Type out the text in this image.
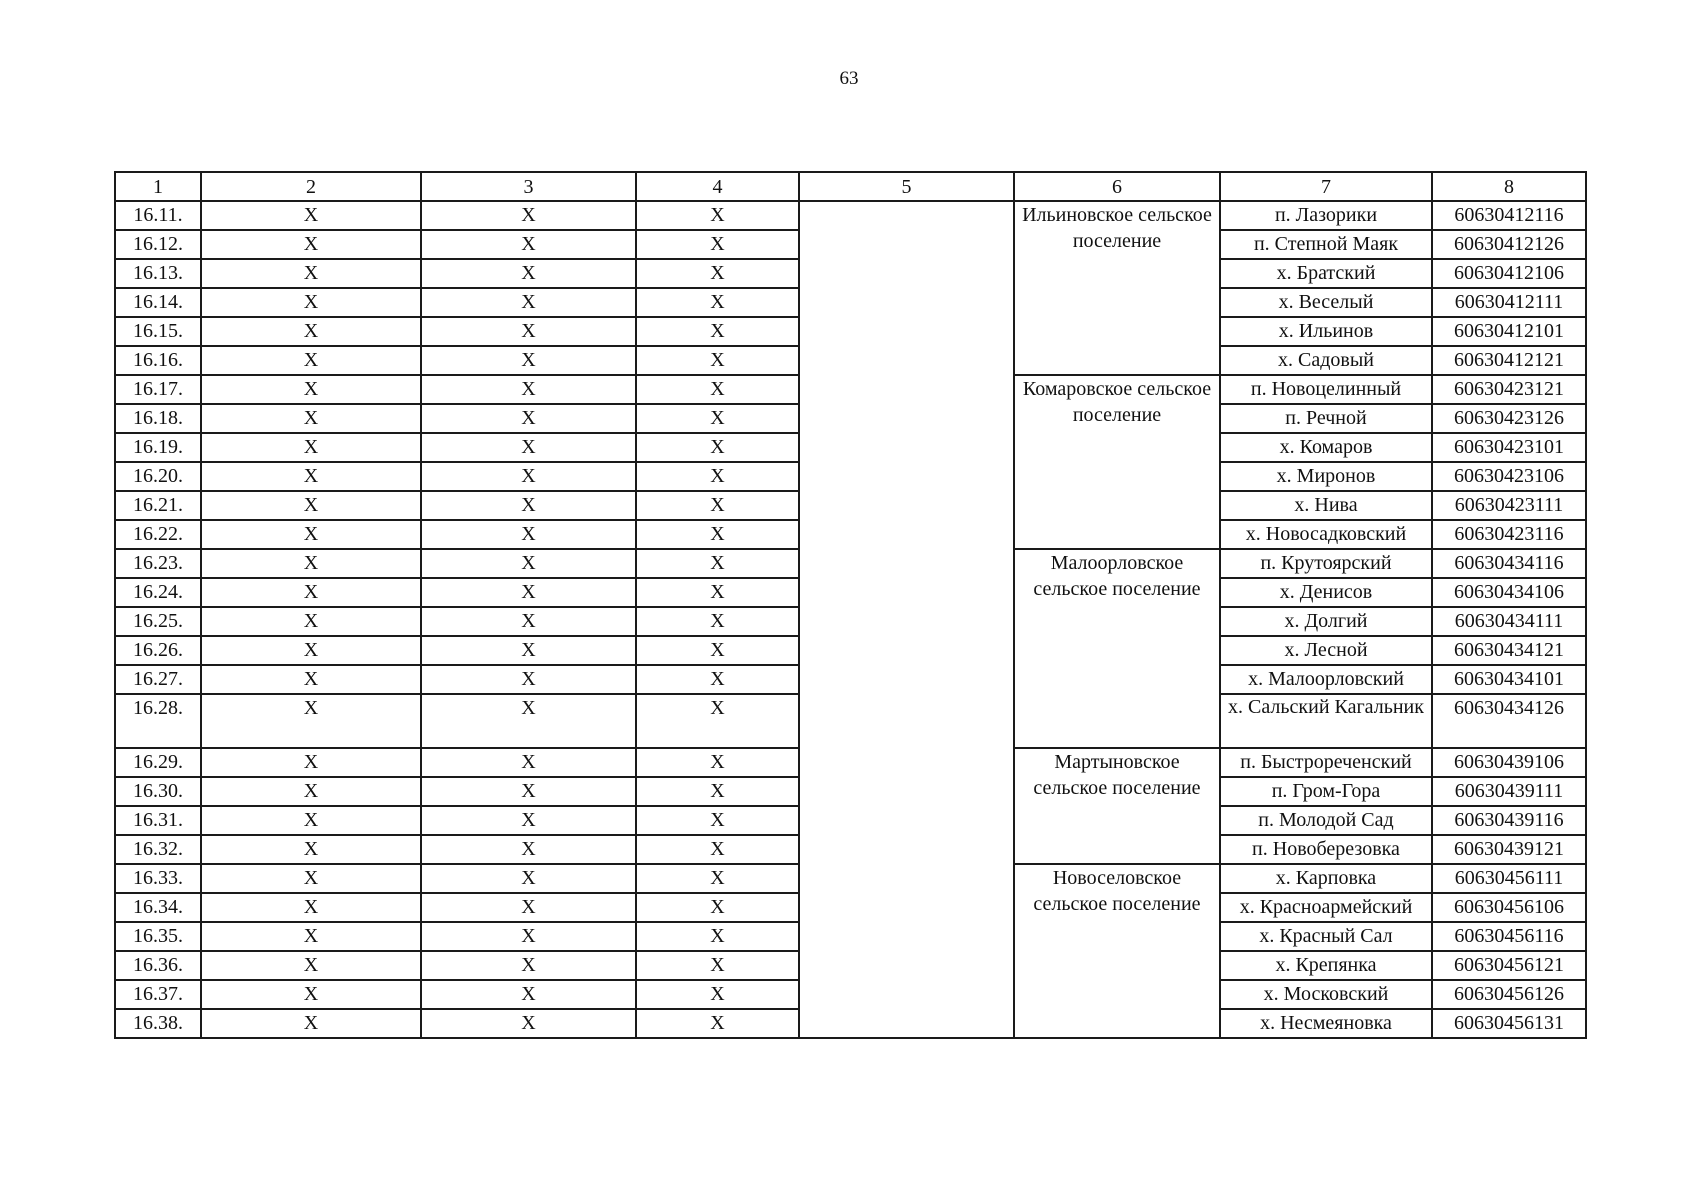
63
1	2	3	4	5	6	7	8
16.11.	X	X	X		Ильиновское сельское поселение	п. Лазорики	60630412116
16.12.	X	X	X			п. Степной Маяк	60630412126
16.13.	X	X	X			х. Братский	60630412106
16.14.	X	X	X			х. Веселый	60630412111
16.15.	X	X	X			х. Ильинов	60630412101
16.16.	X	X	X			х. Садовый	60630412121
16.17.	X	X	X		Комаровское сельское поселение	п. Новоцелинный	60630423121
16.18.	X	X	X			п. Речной	60630423126
16.19.	X	X	X			х. Комаров	60630423101
16.20.	X	X	X			х. Миронов	60630423106
16.21.	X	X	X			х. Нива	60630423111
16.22.	X	X	X			х. Новосадковский	60630423116
16.23.	X	X	X		Малоорловское сельское поселение	п. Крутоярский	60630434116
16.24.	X	X	X			х. Денисов	60630434106
16.25.	X	X	X			х. Долгий	60630434111
16.26.	X	X	X			х. Лесной	60630434121
16.27.	X	X	X			х. Малоорловский	60630434101
16.28.	X	X	X			х. Сальский Кагальник	60630434126
16.29.	X	X	X		Мартыновское сельское поселение	п. Быстрореченский	60630439106
16.30.	X	X	X			п. Гром-Гора	60630439111
16.31.	X	X	X			п. Молодой Сад	60630439116
16.32.	X	X	X			п. Новоберезовка	60630439121
16.33.	X	X	X		Новоселовское сельское поселение	х. Карповка	60630456111
16.34.	X	X	X			х. Красноармейский	60630456106
16.35.	X	X	X			х. Красный Сал	60630456116
16.36.	X	X	X			х. Крепянка	60630456121
16.37.	X	X	X			х. Московский	60630456126
16.38.	X	X	X			х. Несмеяновка	60630456131
